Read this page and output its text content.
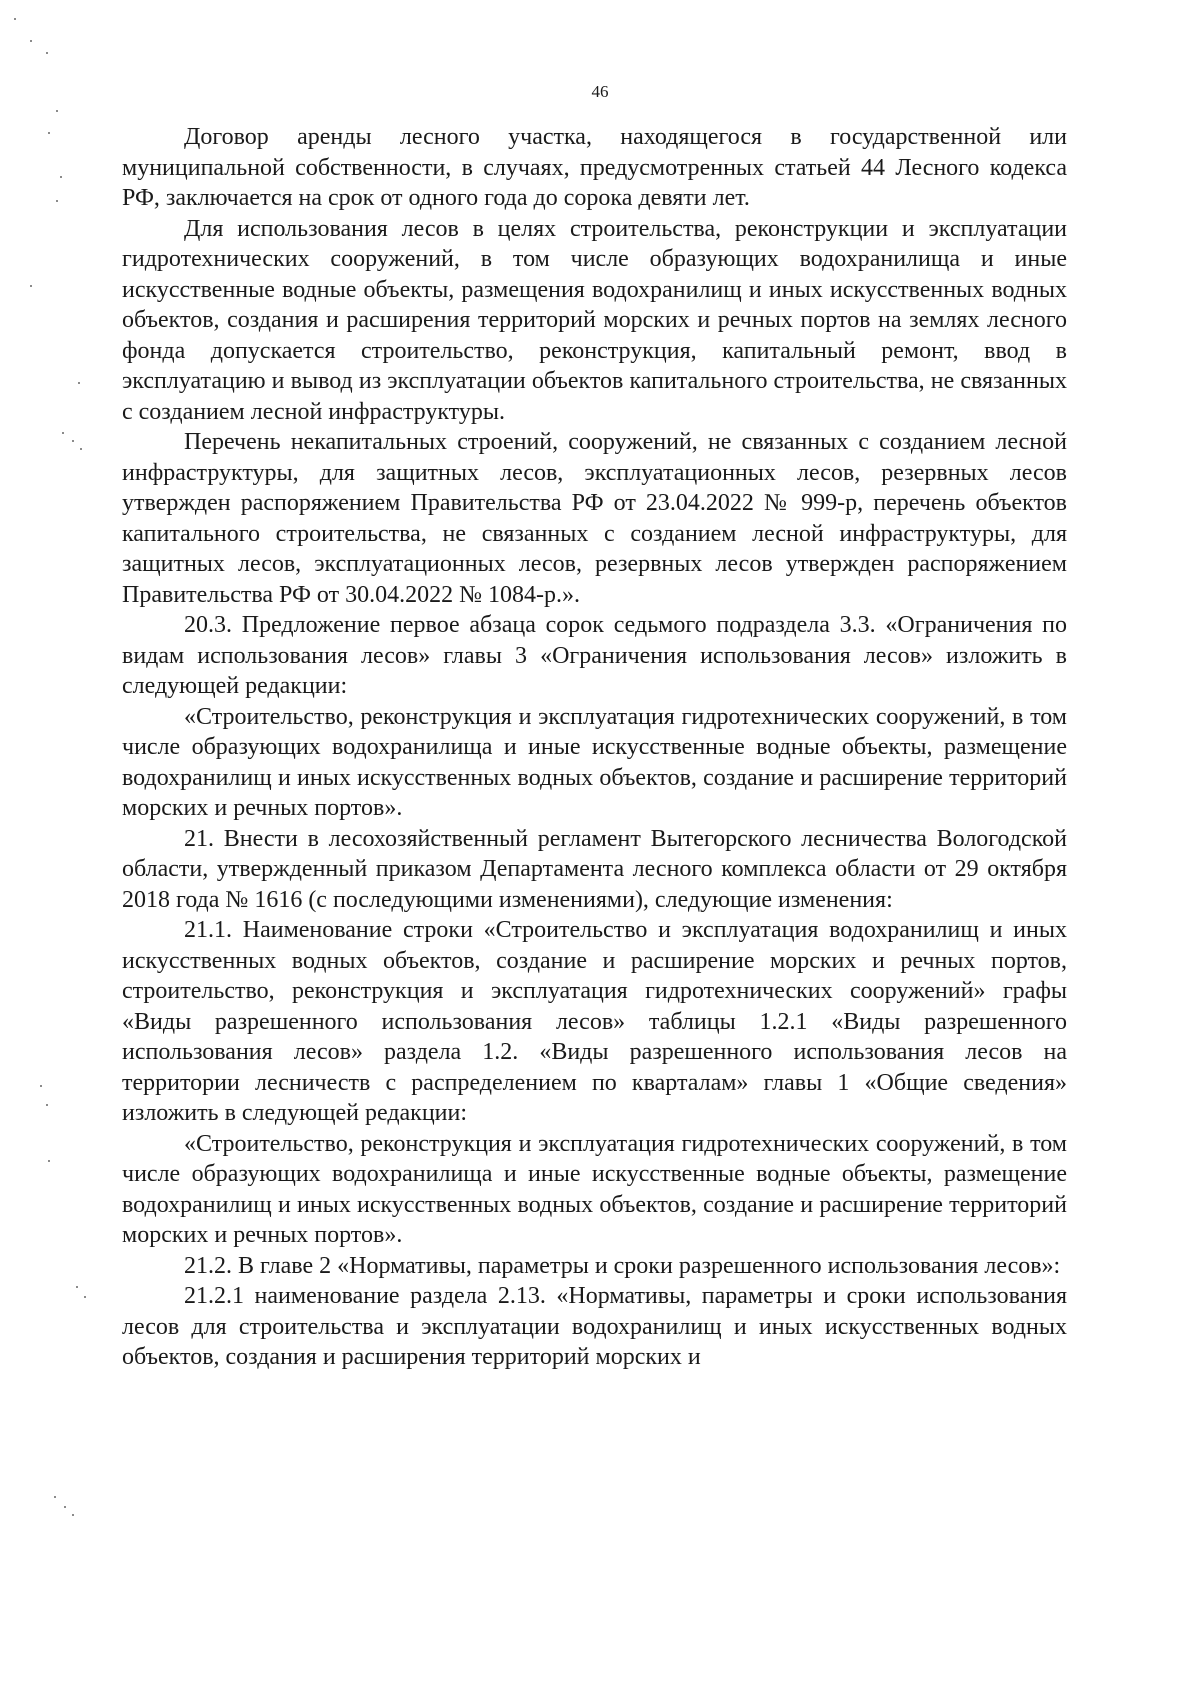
46

Договор аренды лесного участка, находящегося в государственной или муниципальной собственности, в случаях, предусмотренных статьей 44 Лесного кодекса РФ, заключается на срок от одного года до сорока девяти лет.

Для использования лесов в целях строительства, реконструкции и эксплуатации гидротехнических сооружений, в том числе образующих водохранилища и иные искусственные водные объекты, размещения водохранилищ и иных искусственных водных объектов, создания и расширения территорий морских и речных портов на землях лесного фонда допускается строительство, реконструкция, капитальный ремонт, ввод в эксплуатацию и вывод из эксплуатации объектов капитального строительства, не связанных с созданием лесной инфраструктуры.

Перечень некапитальных строений, сооружений, не связанных с созданием лесной инфраструктуры, для защитных лесов, эксплуатационных лесов, резервных лесов утвержден распоряжением Правительства РФ от 23.04.2022 № 999-р, перечень объектов капитального строительства, не связанных с созданием лесной инфраструктуры, для защитных лесов, эксплуатационных лесов, резервных лесов утвержден распоряжением Правительства РФ от 30.04.2022 № 1084-р.».

20.3. Предложение первое абзаца сорок седьмого подраздела 3.3. «Ограничения по видам использования лесов» главы 3 «Ограничения использования лесов» изложить в следующей редакции:

«Строительство, реконструкция и эксплуатация гидротехнических сооружений, в том числе образующих водохранилища и иные искусственные водные объекты, размещение водохранилищ и иных искусственных водных объектов, создание и расширение территорий морских и речных портов».

21. Внести в лесохозяйственный регламент Вытегорского лесничества Вологодской области, утвержденный приказом Департамента лесного комплекса области от 29 октября 2018 года № 1616 (с последующими изменениями), следующие изменения:

21.1. Наименование строки «Строительство и эксплуатация водохранилищ и иных искусственных водных объектов, создание и расширение морских и речных портов, строительство, реконструкция и эксплуатация гидротехнических сооружений» графы «Виды разрешенного использования лесов» таблицы 1.2.1 «Виды разрешенного использования лесов» раздела 1.2. «Виды разрешенного использования лесов на территории лесничеств с распределением по кварталам» главы 1 «Общие сведения» изложить в следующей редакции:

«Строительство, реконструкция и эксплуатация гидротехнических сооружений, в том числе образующих водохранилища и иные искусственные водные объекты, размещение водохранилищ и иных искусственных водных объектов, создание и расширение территорий морских и речных портов».

21.2. В главе 2 «Нормативы, параметры и сроки разрешенного использования лесов»:

21.2.1 наименование раздела 2.13. «Нормативы, параметры и сроки использования лесов для строительства и эксплуатации водохранилищ и иных искусственных водных объектов, создания и расширения территорий морских и
